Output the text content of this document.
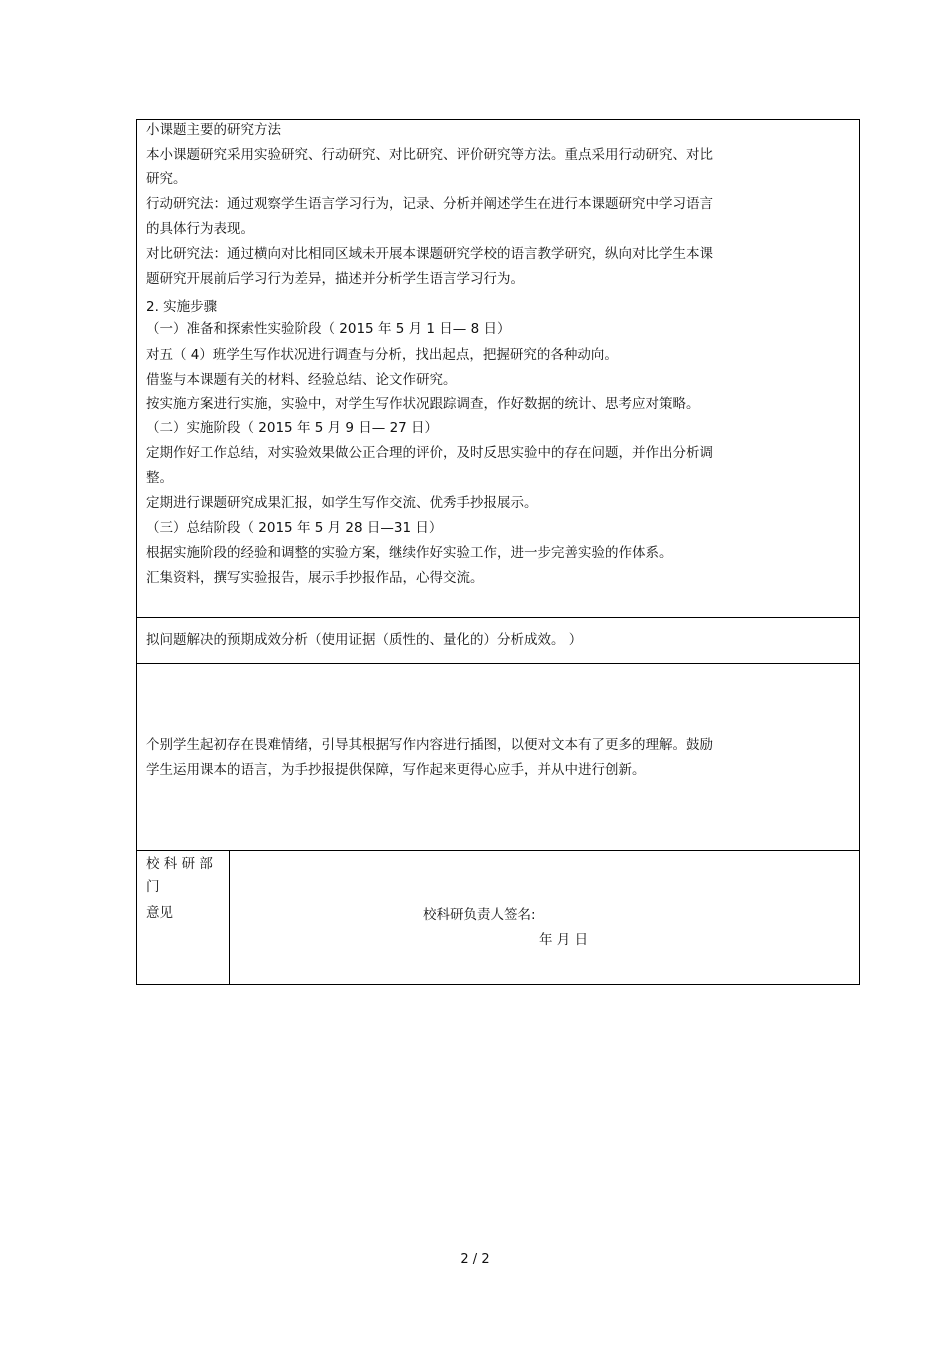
小课题主要的研究方法
本小课题研究采用实验研究、行动研究、对比研究、评价研究等方法。重点采用行动研究、对比
研究。
行动研究法：通过观察学生语言学习行为，记录、分析并阐述学生在进行本课题研究中学习语言
的具体行为表现。
对比研究法：通过横向对比相同区域未开展本课题研究学校的语言教学研究，纵向对比学生本课
题研究开展前后学习行为差异，描述并分析学生语言学习行为。
2. 实施步骤
（一）准备和探索性实验阶段（ 2015 年 5 月 1 日— 8 日）
对五（ 4）班学生写作状况进行调查与分析，找出起点，把握研究的各种动向。
借鉴与本课题有关的材料、经验总结、论文作研究。
按实施方案进行实施，实验中，对学生写作状况跟踪调查，作好数据的统计、思考应对策略。
（二）实施阶段（ 2015 年 5 月 9 日— 27 日）
定期作好工作总结，对实验效果做公正合理的评价，及时反思实验中的存在问题，并作出分析调
整。
定期进行课题研究成果汇报，如学生写作交流、优秀手抄报展示。
（三）总结阶段（ 2015 年 5 月 28 日—31 日）
根据实施阶段的经验和调整的实验方案，继续作好实验工作，进一步完善实验的作体系。
汇集资料，撰写实验报告，展示手抄报作品，心得交流。
拟问题解决的预期成效分析（使用证据（质性的、量化的）分析成效。 ）
个别学生起初存在畏难情绪，引导其根据写作内容进行插图，以便对文本有了更多的理解。鼓励
学生运用课本的语言，为手抄报提供保障，写作起来更得心应手，并从中进行创新。
校 科 研 部
门
意见	校科研负责人签名:
年 月 日
2 / 2
